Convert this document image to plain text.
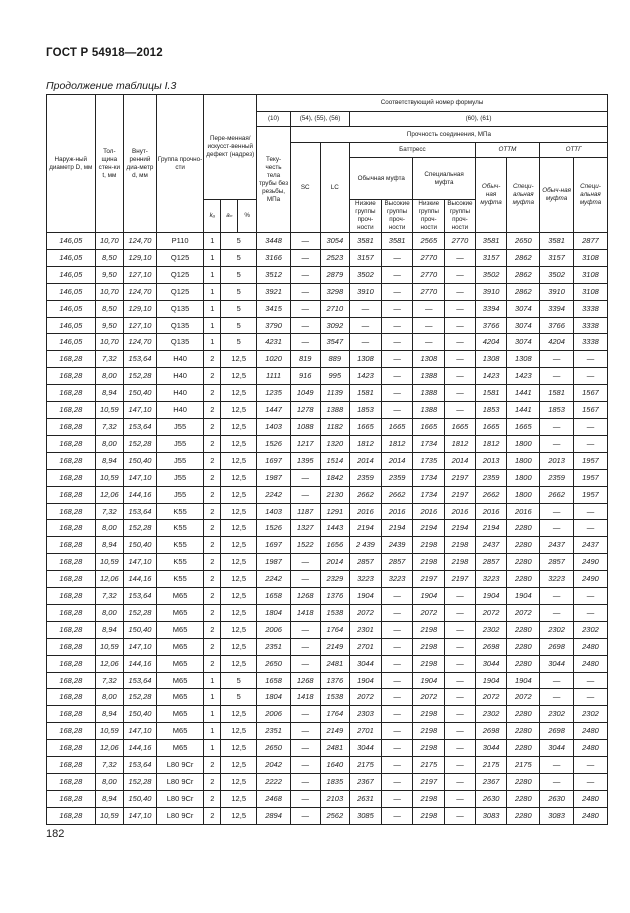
ГОСТ Р 54918—2012
Продолжение таблицы I.3
Наруж-ный диаметр D, мм	Тол-щина стен-ки t, мм	Внут-ренний диа-метр d, мм	Группа прочно-сти	Пере-менная/ искусст-венный дефект (надрез)			Соответствующий номер формулы										
							(10)	(54), (55), (56)		(60), (61)							
							Теку-честь тела трубы без резьбы, МПа	Прочность соединения, МПа									
								SC	LC	Баттресс				ОТТМ		ОТТГ	
										Обычная муфта		Специальная муфта		Обыч-ная муфта	Специ-альная муфта	Обыч-ная муфта	Специ-альная муфта
				kₐ	aₙ	%				Низкие группы проч-ности	Высокие группы проч-ности	Низкие группы проч-ности	Высокие группы проч-ности				
146,05	10,70	124,70	P110	1	5		3448	—	3054	3581	3581	2565	2770	3581	2650	3581	2877
146,05	8,50	129,10	Q125	1	5		3166	—	2523	3157	—	2770	—	3157	2862	3157	3108
146,05	9,50	127,10	Q125	1	5		3512	—	2879	3502	—	2770	—	3502	2862	3502	3108
146,05	10,70	124,70	Q125	1	5		3921	—	3298	3910	—	2770	—	3910	2862	3910	3108
146,05	8,50	129,10	Q135	1	5		3415	—	2710	—	—	—	—	3394	3074	3394	3338
146,05	9,50	127,10	Q135	1	5		3790	—	3092	—	—	—	—	3766	3074	3766	3338
146,05	10,70	124,70	Q135	1	5		4231	—	3547	—	—	—	—	4204	3074	4204	3338
168,28	7,32	153,64	H40	2	12,5		1020	819	889	1308	—	1308	—	1308	1308	—	—
168,28	8,00	152,28	H40	2	12,5		1111	916	995	1423	—	1388	—	1423	1423	—	—
168,28	8,94	150,40	H40	2	12,5		1235	1049	1139	1581	—	1388	—	1581	1441	1581	1567
168,28	10,59	147,10	H40	2	12,5		1447	1278	1388	1853	—	1388	—	1853	1441	1853	1567
168,28	7,32	153,64	J55	2	12,5		1403	1088	1182	1665	1665	1665	1665	1665	1665	—	—
168,28	8,00	152,28	J55	2	12,5		1526	1217	1320	1812	1812	1734	1812	1812	1800	—	—
168,28	8,94	150,40	J55	2	12,5		1697	1395	1514	2014	2014	1735	2014	2013	1800	2013	1957
168,28	10,59	147,10	J55	2	12,5		1987	—	1842	2359	2359	1734	2197	2359	1800	2359	1957
168,28	12,06	144,16	J55	2	12,5		2242	—	2130	2662	2662	1734	2197	2662	1800	2662	1957
168,28	7,32	153,64	K55	2	12,5		1403	1187	1291	2016	2016	2016	2016	2016	2016	—	—
168,28	8,00	152,28	K55	2	12,5		1526	1327	1443	2194	2194	2194	2194	2194	2280	—	—
168,28	8,94	150,40	K55	2	12,5		1697	1522	1656	2 439	2439	2198	2198	2437	2280	2437	2437
168,28	10,59	147,10	K55	2	12,5		1987	—	2014	2857	2857	2198	2198	2857	2280	2857	2490
168,28	12,06	144,16	K55	2	12,5		2242	—	2329	3223	3223	2197	2197	3223	2280	3223	2490
168,28	7,32	153,64	M65	2	12,5		1658	1268	1376	1904	—	1904	—	1904	1904	—	—
168,28	8,00	152,28	M65	2	12,5		1804	1418	1538	2072	—	2072	—	2072	2072	—	—
168,28	8,94	150,40	M65	2	12,5		2006	—	1764	2301	—	2198	—	2302	2280	2302	2302
168,28	10,59	147,10	M65	2	12,5		2351	—	2149	2701	—	2198	—	2698	2280	2698	2480
168,28	12,06	144,16	M65	2	12,5		2650	—	2481	3044	—	2198	—	3044	2280	3044	2480
168,28	7,32	153,64	M65	1	5		1658	1268	1376	1904	—	1904	—	1904	1904	—	—
168,28	8,00	152,28	M65	1	5		1804	1418	1538	2072	—	2072	—	2072	2072	—	—
168,28	8,94	150,40	M65	1	12,5		2006	—	1764	2303	—	2198	—	2302	2280	2302	2302
168,28	10,59	147,10	M65	1	12,5		2351	—	2149	2701	—	2198	—	2698	2280	2698	2480
168,28	12,06	144,16	M65	1	12,5		2650	—	2481	3044	—	2198	—	3044	2280	3044	2480
168,28	7,32	153,64	L80 9Cr	2	12,5		2042	—	1640	2175	—	2175	—	2175	2175	—	—
168,28	8,00	152,28	L80 9Cr	2	12,5		2222	—	1835	2367	—	2197	—	2367	2280	—	—
168,28	8,94	150,40	L80 9Cr	2	12,5		2468	—	2103	2631	—	2198	—	2630	2280	2630	2480
168,28	10,59	147,10	L80 9Cr	2	12,5		2894	—	2562	3085	—	2198	—	3083	2280	3083	2480
182
